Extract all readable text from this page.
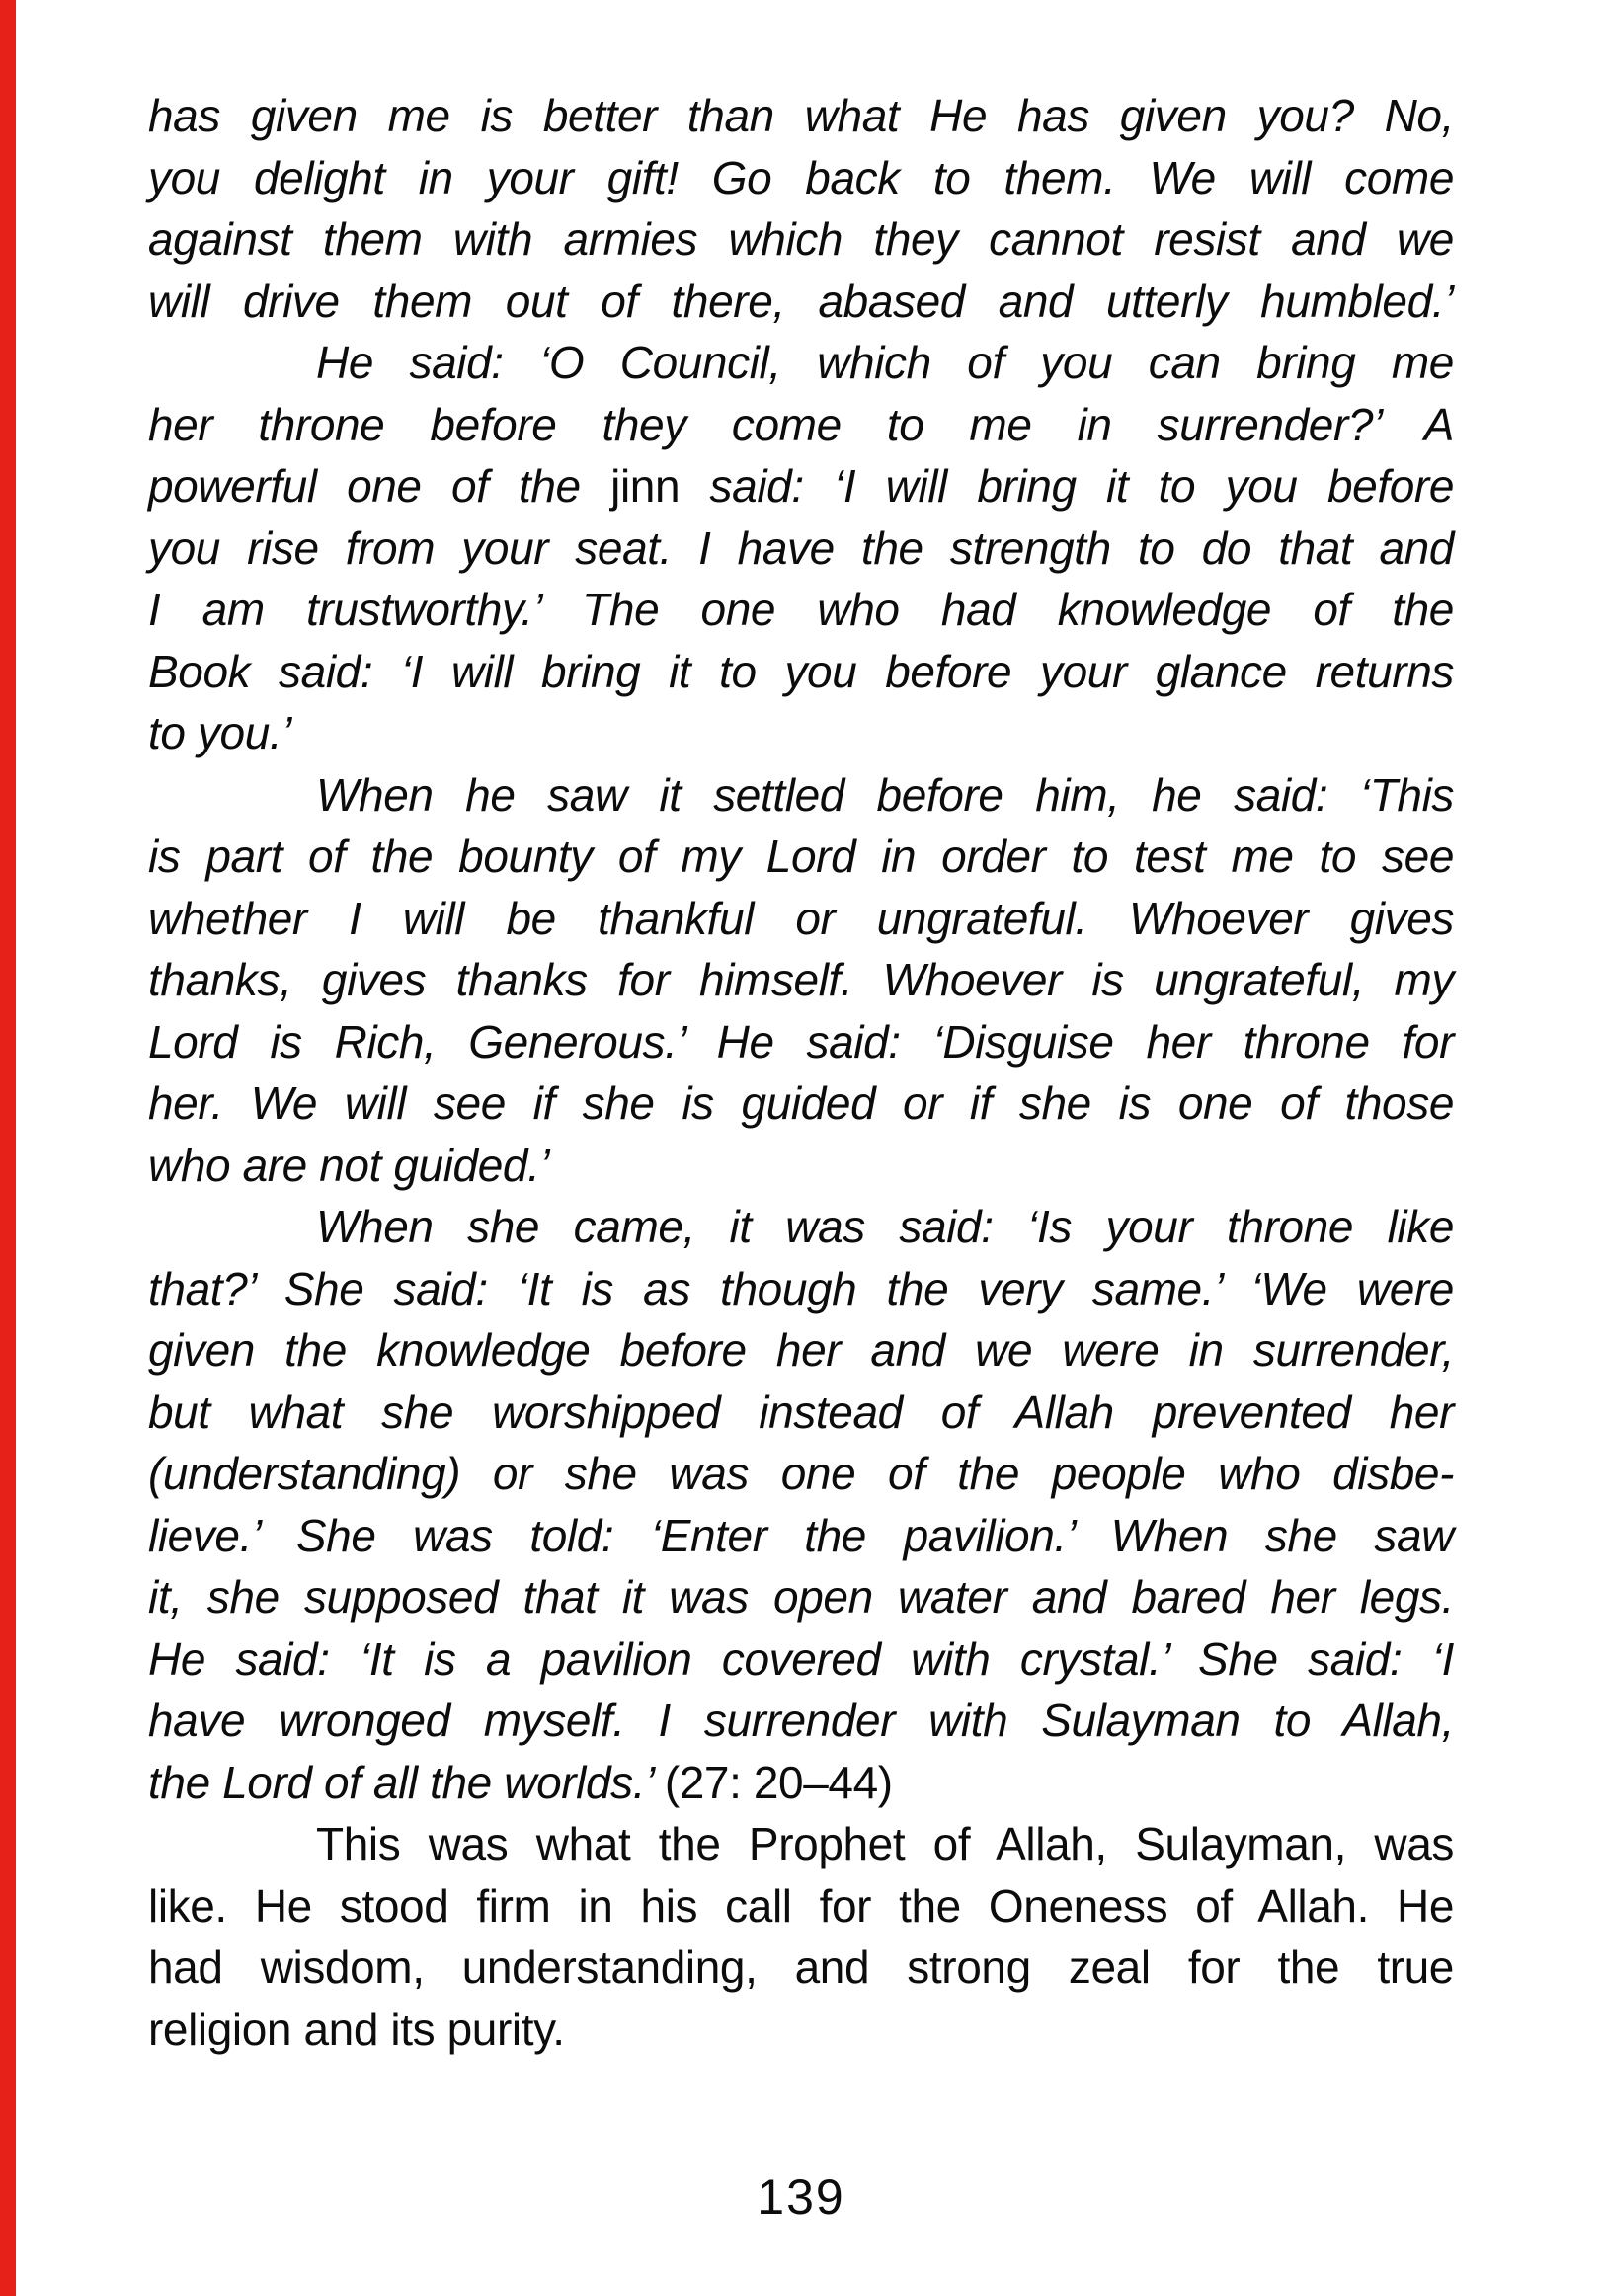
has given me is better than what He has given you? No,
you delight in your gift! Go back to them. We will come
against them with armies which they cannot resist and we
will drive them out of there, abased and utterly humbled.’
He said: ‘O Council, which of you can bring me
her throne before they come to me in surrender?’ A
powerful one of the jinn said: ‘I will bring it to you before
you rise from your seat. I have the strength to do that and
I am trustworthy.’ The one who had knowledge of the
Book said: ‘I will bring it to you before your glance returns
to you.’
When he saw it settled before him, he said: ‘This
is part of the bounty of my Lord in order to test me to see
whether I will be thankful or ungrateful. Whoever gives
thanks, gives thanks for himself. Whoever is ungrateful, my
Lord is Rich, Generous.’ He said: ‘Disguise her throne for
her. We will see if she is guided or if she is one of those
who are not guided.’
When she came, it was said: ‘Is your throne like
that?’ She said: ‘It is as though the very same.’ ‘We were
given the knowledge before her and we were in surrender,
but what she worshipped instead of Allah prevented her
(understanding) or she was one of the people who disbe-
lieve.’ She was told: ‘Enter the pavilion.’ When she saw
it, she supposed that it was open water and bared her legs.
He said: ‘It is a pavilion covered with crystal.’ She said: ‘I
have wronged myself. I surrender with Sulayman to Allah,
the Lord of all the worlds.’ (27: 20–44)
This was what the Prophet of Allah, Sulayman, was
like. He stood firm in his call for the Oneness of Allah. He
had wisdom, understanding, and strong zeal for the true
religion and its purity.
139
